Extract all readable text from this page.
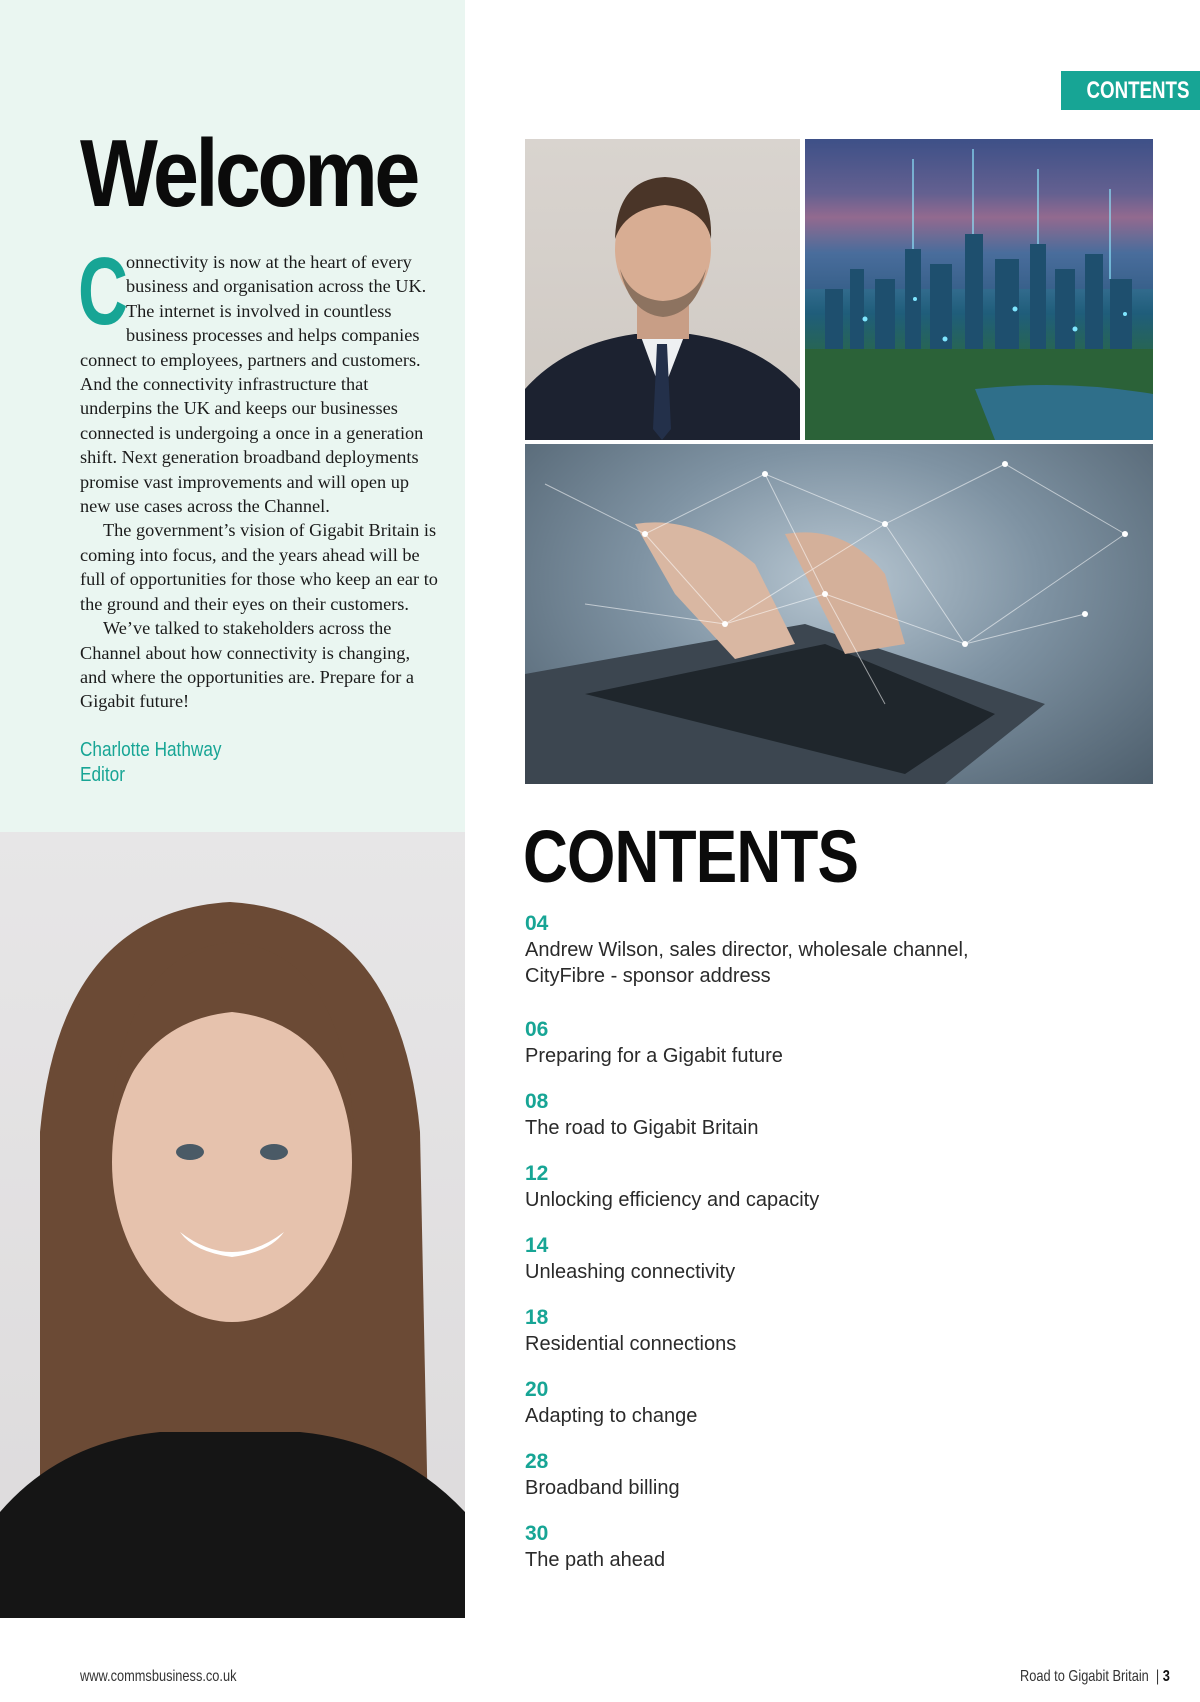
Welcome

C
onnectivity is now at the heart of every business and organisation across the UK. The internet is involved in countless business processes and helps companies connect to employees, partners and customers. And the connectivity infrastructure that underpins the UK and keeps our businesses connected is undergoing a once in a generation shift. Next generation broadband deployments promise vast improvements and will open up new use cases across the Channel.

The government’s vision of Gigabit Britain is coming into focus, and the years ahead will be full of opportunities for those who keep an ear to the ground and their eyes on their customers.

We’ve talked to stakeholders across the Channel about how connectivity is changing, and where the opportunities are. Prepare for a Gigabit future!

Charlotte Hathway
Editor
CONTENTS
CONTENTS
04
Andrew Wilson, sales director, wholesale channel,
CityFibre - sponsor address
06
Preparing for a Gigabit future
08
The road to Gigabit Britain
12
Unlocking efficiency and capacity
14
Unleashing connectivity
18
Residential connections
20
Adapting to change
28
Broadband billing
30
The path ahead
www.commsbusiness.co.uk	Road to Gigabit Britain | 3
